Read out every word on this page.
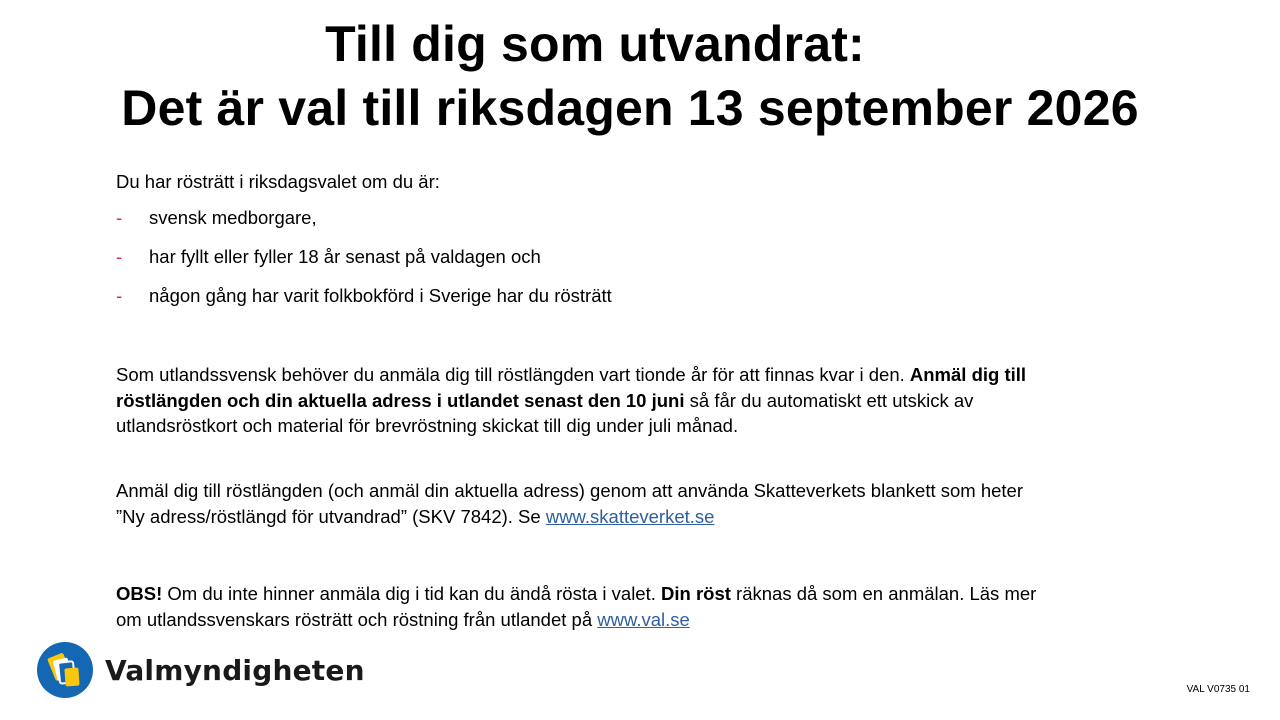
Till dig som utvandrat:
Det är val till riksdagen 13 september 2026
Du har rösträtt i riksdagsvalet om du är:
- svensk medborgare,
- har fyllt eller fyller 18 år senast på valdagen och
- någon gång har varit folkbokförd i Sverige har du rösträtt
Som utlandssvensk behöver du anmäla dig till röstlängden vart tionde år för att finnas kvar i den. Anmäl dig till röstlängden och din aktuella adress i utlandet senast den 10 juni så får du automatiskt ett utskick av utlandsröstkort och material för brevröstning skickat till dig under juli månad.
Anmäl dig till röstlängden (och anmäl din aktuella adress) genom att använda Skatteverkets blankett som heter ”Ny adress/röstlängd för utvandrad” (SKV 7842). Se www.skatteverket.se
OBS! Om du inte hinner anmäla dig i tid kan du ändå rösta i valet. Din röst räknas då som en anmälan. Läs mer om utlandssvenskars rösträtt och röstning från utlandet på www.val.se
Valmyndigheten
VAL V0735 01
